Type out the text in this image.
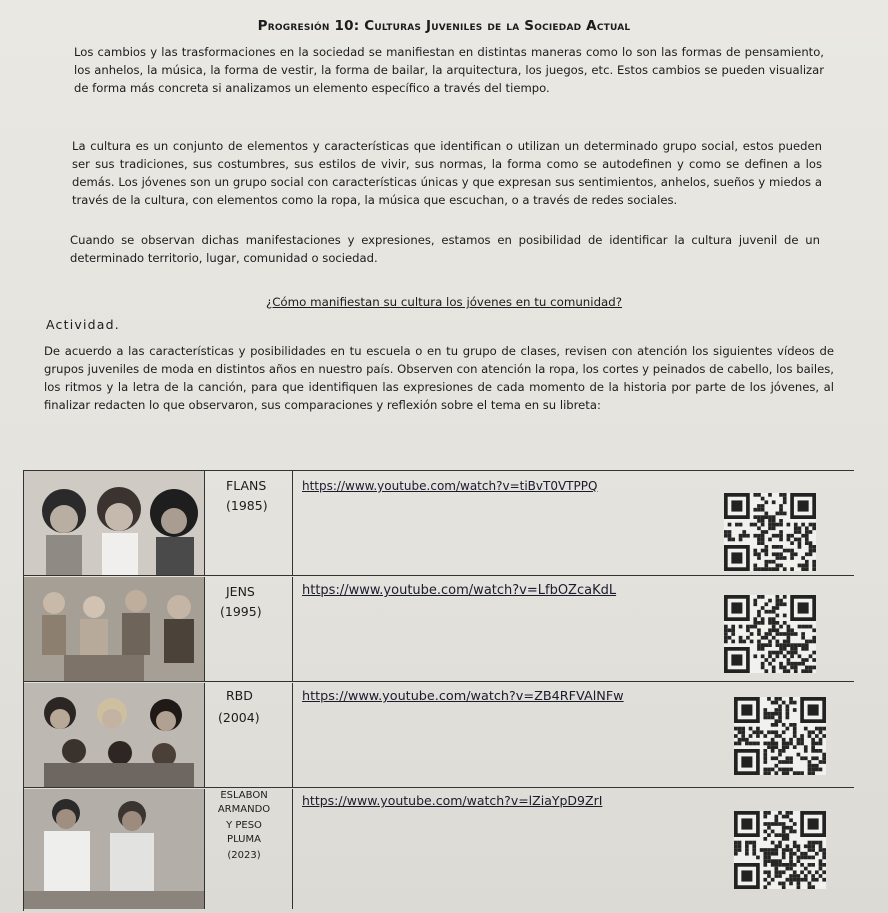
Progresión 10: Culturas Juveniles de la Sociedad Actual
Los cambios y las trasformaciones en la sociedad se manifiestan en distintas maneras como lo son las formas de pensamiento, los anhelos, la música, la forma de vestir, la forma de bailar, la arquitectura, los juegos, etc. Estos cambios se pueden visualizar de forma más concreta si analizamos un elemento específico a través del tiempo.
La cultura es un conjunto de elementos y características que identifican o utilizan un determinado grupo social, estos pueden ser sus tradiciones, sus costumbres, sus estilos de vivir, sus normas, la forma como se autodefinen y como se definen a los demás. Los jóvenes son un grupo social con características únicas y que expresan sus sentimientos, anhelos, sueños y miedos a través de la cultura, con elementos como la ropa, la música que escuchan, o a través de redes sociales.
Cuando se observan dichas manifestaciones y expresiones, estamos en posibilidad de identificar la cultura juvenil de un determinado territorio, lugar, comunidad o sociedad.
¿Cómo manifiestan su cultura los jóvenes en tu comunidad?
Actividad.
De acuerdo a las características y posibilidades en tu escuela o en tu grupo de clases, revisen con atención los siguientes vídeos de grupos juveniles de moda en distintos años en nuestro país. Observen con atención la ropa, los cortes y peinados de cabello, los bailes, los ritmos y la letra de la canción, para que identifiquen las expresiones de cada momento de la historia por parte de los jóvenes, al finalizar redacten lo que observaron, sus comparaciones y reflexión sobre el tema en su libreta:
FLANS
(1985)
https://www.youtube.com/watch?v=tiBvT0VTPPQ
JENS
(1995)
https://www.youtube.com/watch?v=LfbOZcaKdL
RBD
(2004)
https://www.youtube.com/watch?v=ZB4RFVAlNFw
ESLABON
ARMANDO
Y PESO
PLUMA
(2023)
https://www.youtube.com/watch?v=lZiaYpD9ZrI
